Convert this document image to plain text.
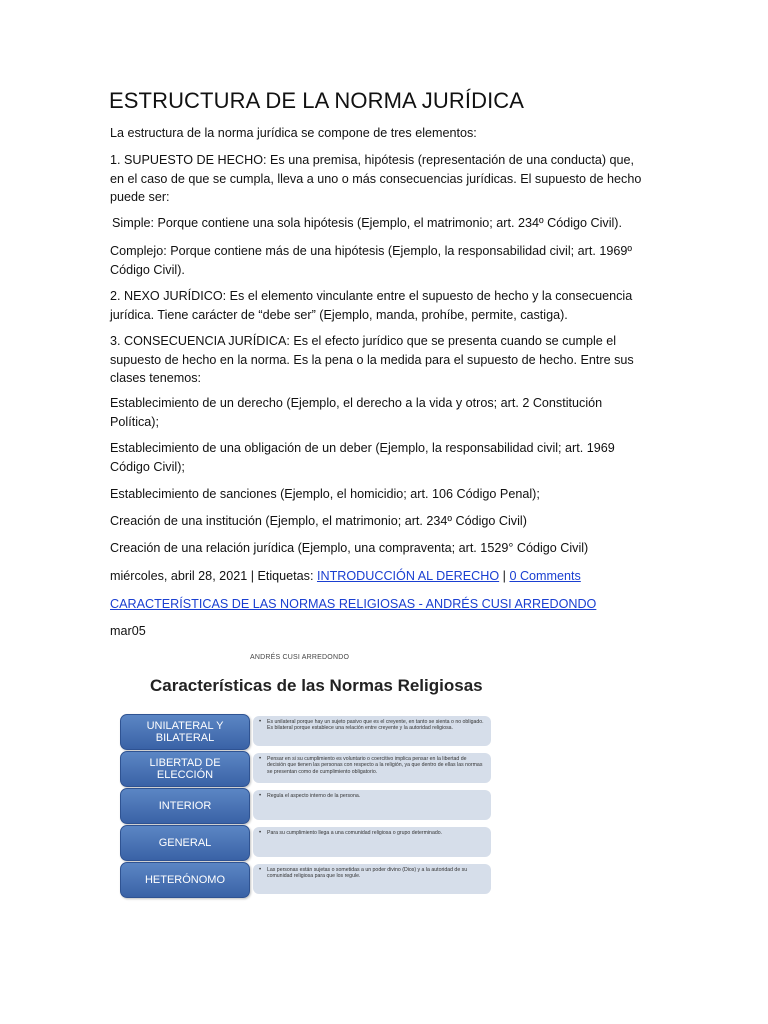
ESTRUCTURA DE LA NORMA JURÍDICA

La estructura de la norma jurídica se compone de tres elementos:

1. SUPUESTO DE HECHO: Es una premisa, hipótesis (representación de una conducta) que, en el caso de que se cumpla, lleva a uno o más consecuencias jurídicas. El supuesto de hecho puede ser:

Simple: Porque contiene una sola hipótesis (Ejemplo, el matrimonio; art. 234º Código Civil).

Complejo: Porque contiene más de una hipótesis (Ejemplo, la responsabilidad civil; art. 1969º Código Civil).

2. NEXO JURÍDICO: Es el elemento vinculante entre el supuesto de hecho y la consecuencia jurídica. Tiene carácter de “debe ser” (Ejemplo, manda, prohíbe, permite, castiga).

3. CONSECUENCIA JURÍDICA: Es el efecto jurídico que se presenta cuando se cumple el supuesto de hecho en la norma. Es la pena o la medida para el supuesto de hecho. Entre sus clases tenemos:

Establecimiento de un derecho (Ejemplo, el derecho a la vida y otros; art. 2 Constitución Política);

Establecimiento de una obligación de un deber (Ejemplo, la responsabilidad civil; art. 1969 Código Civil);

Establecimiento de sanciones (Ejemplo, el homicidio; art. 106 Código Penal);

Creación de una institución (Ejemplo, el matrimonio; art. 234º Código Civil)

Creación de una relación jurídica (Ejemplo, una compraventa; art. 1529° Código Civil)

miércoles, abril 28, 2021 | Etiquetas: INTRODUCCIÓN AL DERECHO | 0 Comments

CARACTERÍSTICAS DE LAS NORMAS RELIGIOSAS - ANDRÉS CUSI ARREDONDO

mar05

ANDRÉS CUSI ARREDONDO
Características de las Normas Religiosas
UNILATERAL Y BILATERAL
• Es unilateral porque hay un sujeto pasivo que es el creyente, en tanto se sienta o no obligado. Es bilateral porque establece una relación entre creyente y la autoridad religiosa.
LIBERTAD DE ELECCIÓN
• Pensar en si su cumplimiento es voluntario o coercitivo implica pensar en la libertad de decisión que tienen las personas con respecto a la religión, ya que dentro de ellas las normas se presentan como de cumplimiento obligatorio.
INTERIOR
• Regula el aspecto interno de la persona.
GENERAL
• Para su cumplimiento llega a una comunidad religiosa o grupo determinado.
HETERÓNOMO
• Las personas están sujetas o sometidas a un poder divino (Dios) y a la autoridad de su comunidad religiosa para que los regule.
